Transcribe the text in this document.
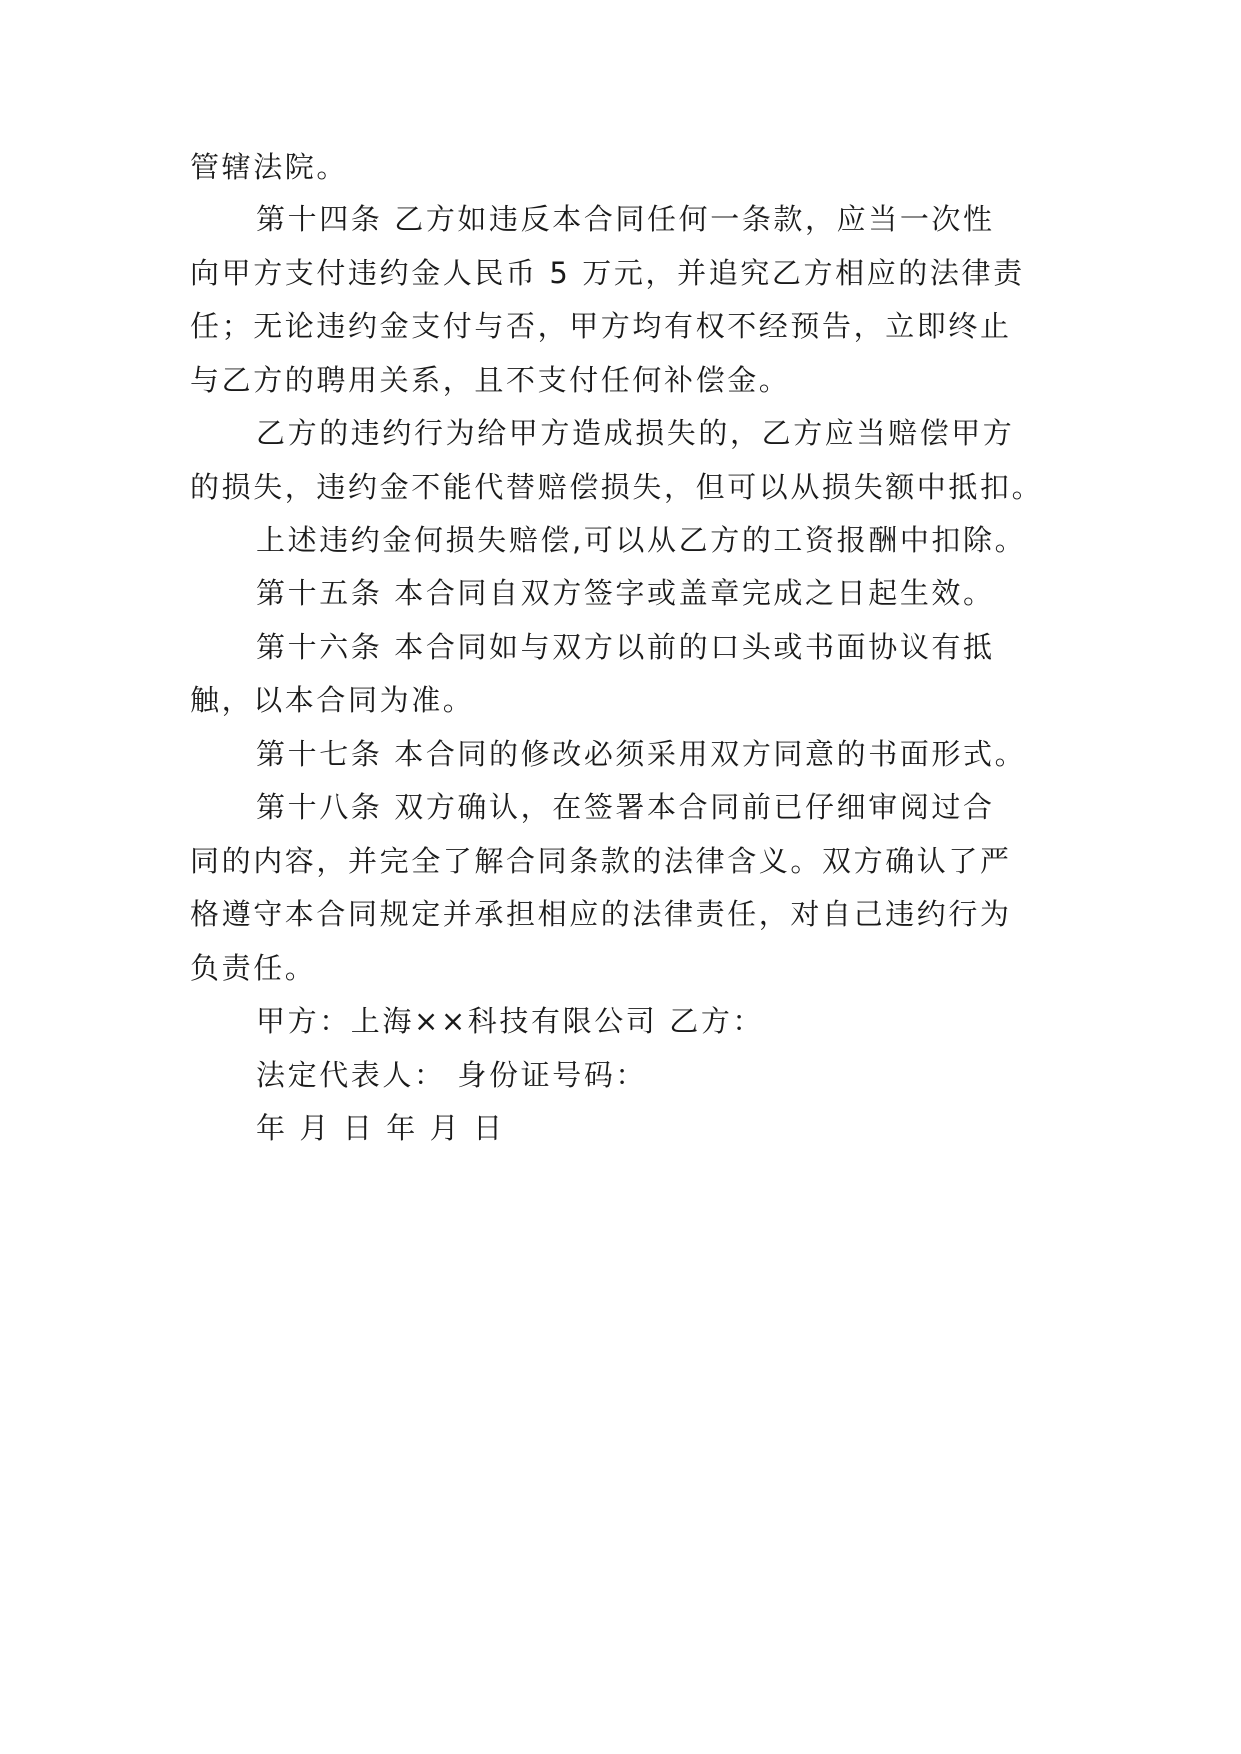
管辖法院。

第十四条 乙方如违反本合同任何一条款，应当一次性

向甲方支付违约金人民币 5 万元，并追究乙方相应的法律责

任；无论违约金支付与否，甲方均有权不经预告，立即终止

与乙方的聘用关系，且不支付任何补偿金。

乙方的违约行为给甲方造成损失的，乙方应当赔偿甲方

的损失，违约金不能代替赔偿损失，但可以从损失额中抵扣。

上述违约金何损失赔偿,可以从乙方的工资报酬中扣除。

第十五条 本合同自双方签字或盖章完成之日起生效。

第十六条 本合同如与双方以前的口头或书面协议有抵

触，以本合同为准。

第十七条 本合同的修改必须采用双方同意的书面形式。

第十八条 双方确认，在签署本合同前已仔细审阅过合

同的内容，并完全了解合同条款的法律含义。双方确认了严

格遵守本合同规定并承担相应的法律责任，对自己违约行为

负责任。

甲方：上海××科技有限公司 乙方：

法定代表人： 身份证号码：

年 月 日 年 月 日
